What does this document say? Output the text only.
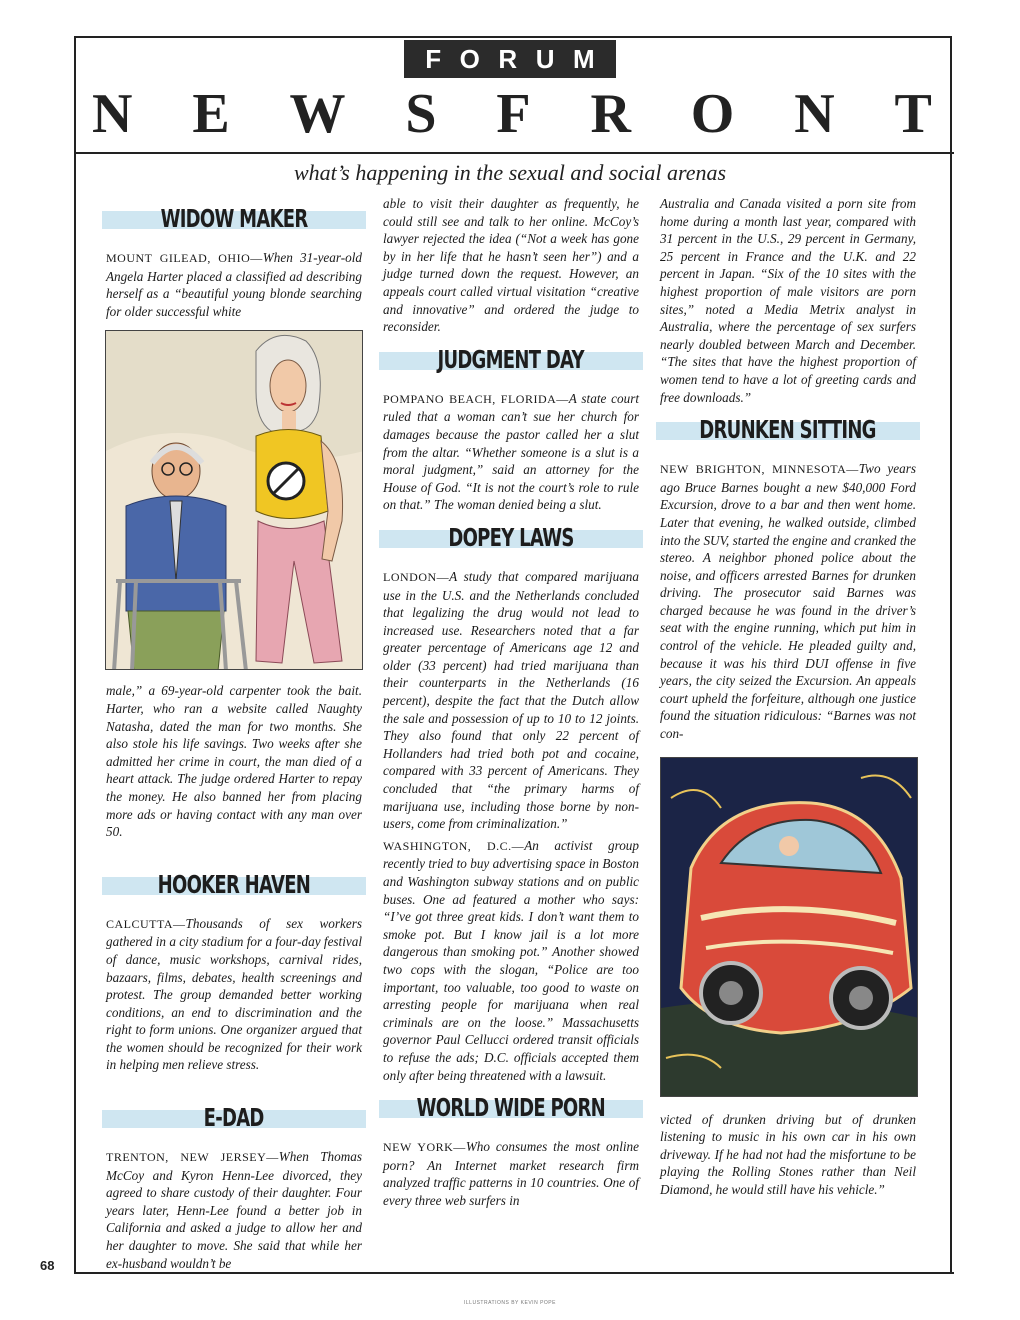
F O R U M
N E W S F R O N T
what’s happening in the sexual and social arenas
WIDOW MAKER

MOUNT GILEAD, OHIO—When 31-year-old Angela Harter placed a classified ad describing herself as a “beautiful young blonde searching for older successful white

male,” a 69-year-old carpenter took the bait. Harter, who ran a website called Naughty Natasha, dated the man for two months. She also stole his life savings. Two weeks after she admitted her crime in court, the man died of a heart attack. The judge ordered Harter to repay the money. He also banned her from placing more ads or having contact with any man over 50.

HOOKER HAVEN

CALCUTTA—Thousands of sex workers gathered in a city stadium for a four-day festival of dance, music workshops, carnival rides, bazaars, films, debates, health screenings and protest. The group demanded better working conditions, an end to discrimination and the right to form unions. One organizer argued that the women should be recognized for their work in helping men relieve stress.

E-DAD

TRENTON, NEW JERSEY—When Thomas McCoy and Kyron Henn-Lee divorced, they agreed to share custody of their daughter. Four years later, Henn-Lee found a better job in California and asked a judge to allow her and her daughter to move. She said that while her ex-husband wouldn’t be

able to visit their daughter as frequently, he could still see and talk to her online. McCoy’s lawyer rejected the idea (“Not a week has gone by in her life that he hasn’t seen her”) and a judge turned down the request. However, an appeals court called virtual visitation “creative and innovative” and ordered the judge to reconsider.

JUDGMENT DAY

POMPANO BEACH, FLORIDA—A state court ruled that a woman can’t sue her church for damages because the pastor called her a slut from the altar. “Whether someone is a slut is a moral judgment,” said an attorney for the House of God. “It is not the court’s role to rule on that.” The woman denied being a slut.

DOPEY LAWS

LONDON—A study that compared marijuana use in the U.S. and the Netherlands concluded that legalizing the drug would not lead to increased use. Researchers noted that a far greater percentage of Americans age 12 and older (33 percent) had tried marijuana than their counterparts in the Netherlands (16 percent), despite the fact that the Dutch allow the sale and possession of up to 10 to 12 joints. They also found that only 22 percent of Hollanders had tried both pot and cocaine, compared with 33 percent of Americans. They concluded that “the primary harms of marijuana use, including those borne by non-users, come from criminalization.”

WASHINGTON, D.C.—An activist group recently tried to buy advertising space in Boston and Washington subway stations and on public buses. One ad featured a mother who says: “I’ve got three great kids. I don’t want them to smoke pot. But I know jail is a lot more dangerous than smoking pot.” Another showed two cops with the slogan, “Police are too important, too valuable, too good to waste on arresting people for marijuana when real criminals are on the loose.” Massachusetts governor Paul Cellucci ordered transit officials to refuse the ads; D.C. officials accepted them only after being threatened with a lawsuit.

WORLD WIDE PORN

NEW YORK—Who consumes the most online porn? An Internet market research firm analyzed traffic patterns in 10 countries. One of every three web surfers in

Australia and Canada visited a porn site from home during a month last year, compared with 31 percent in the U.S., 29 percent in Germany, 25 percent in France and the U.K. and 22 percent in Japan. “Six of the 10 sites with the highest proportion of male visitors are porn sites,” noted a Media Metrix analyst in Australia, where the percentage of sex surfers nearly doubled between March and December. “The sites that have the highest proportion of women tend to have a lot of greeting cards and free downloads.”

DRUNKEN SITTING

NEW BRIGHTON, MINNESOTA—Two years ago Bruce Barnes bought a new $40,000 Ford Excursion, drove to a bar and then went home. Later that evening, he walked outside, climbed into the SUV, started the engine and cranked the stereo. A neighbor phoned police about the noise, and officers arrested Barnes for drunken driving. The prosecutor said Barnes was charged because he was found in the driver’s seat with the engine running, which put him in control of the vehicle. He pleaded guilty and, because it was his third DUI offense in five years, the city seized the Excursion. An appeals court upheld the forfeiture, although one justice found the situation ridiculous: “Barnes was not con-

victed of drunken driving but of drunken listening to music in his own car in his own driveway. If he had not had the misfortune to be playing the Rolling Stones rather than Neil Diamond, he would still have his vehicle.”

68
ILLUSTRATIONS BY KEVIN POPE
